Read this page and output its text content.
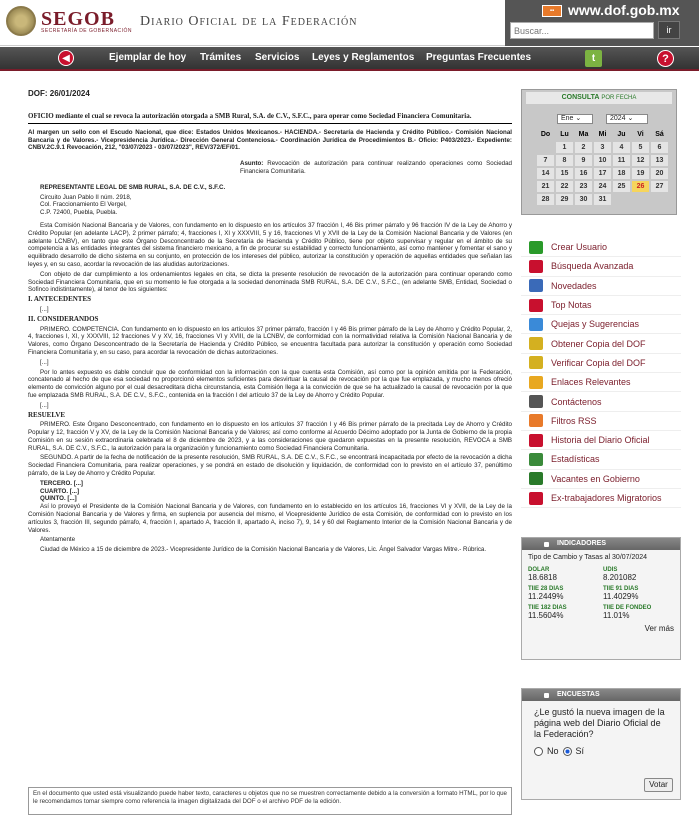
SEGOB
SECRETARÍA DE GOBERNACIÓN
Diario Oficial de la Federación
▪▪ www.dof.gob.mx
Buscar...
ir
◀	Ejemplar de hoy Trámites Servicios Leyes y Reglamentos Preguntas Frecuentes	t	?
DOF: 26/01/2024
OFICIO mediante el cual se revoca la autorización otorgada a SMB Rural, S.A. de C.V., S.F.C., para operar como Sociedad Financiera Comunitaria.

Al margen un sello con el Escudo Nacional, que dice: Estados Unidos Mexicanos.- HACIENDA.- Secretaría de Hacienda y Crédito Público.- Comisión Nacional Bancaria y de Valores.- Vicepresidencia Jurídica.- Dirección General Contenciosa.- Coordinación Jurídica de Procedimientos B.- Oficio: P403/2023.- Expediente: CNBV.2C.9.1 Revocación, 212, "03/07/2023 - 03/07/2023", REV/372/EF/01.

Asunto: Revocación de autorización para continuar realizando operaciones como Sociedad Financiera Comunitaria.

REPRESENTANTE LEGAL DE SMB RURAL, S.A. DE C.V., S.F.C.

Circuito Juan Pablo II núm. 2918,

Col. Fraccionamiento El Vergel,

C.P. 72400, Puebla, Puebla.

Esta Comisión Nacional Bancaria y de Valores, con fundamento en lo dispuesto en los artículos 37 fracción I, 46 Bis primer párrafo y 96 fracción IV de la Ley de Ahorro y Crédito Popular (en adelante LACP), 2 primer párrafo; 4, fracciones I, XI y XXXVIII, 5 y 16, fracciones VI y XVII de la Ley de la Comisión Nacional Bancaria y de Valores (en adelante LCNBV), en tanto que este Órgano Desconcentrado de la Secretaría de Hacienda y Crédito Público, tiene por objeto supervisar y regular en el ámbito de su competencia a las entidades integrantes del sistema financiero mexicano, a fin de procurar su estabilidad y correcto funcionamiento, así como mantener y fomentar el sano y equilibrado desarrollo de dicho sistema en su conjunto, en protección de los intereses del público, autorizar la constitución y operación de aquellas entidades que señalan las leyes y, en su caso, acordar la revocación de las aludidas autorizaciones.

Con objeto de dar cumplimiento a los ordenamientos legales en cita, se dicta la presente resolución de revocación de la autorización para continuar operando como Sociedad Financiera Comunitaria, que en su momento le fue otorgada a la sociedad denominada SMB RURAL, S.A. DE C.V., S.F.C., (en adelante SMB, Entidad, Sociedad o Sofinco indistintamente), al tenor de los siguientes:

I. ANTECEDENTES

[...]

II. CONSIDERANDOS

PRIMERO. COMPETENCIA. Con fundamento en lo dispuesto en los artículos 37 primer párrafo, fracción I y 46 Bis primer párrafo de la Ley de Ahorro y Crédito Popular, 2, 4, fracciones I, XI, y XXXVIII, 12 fracciones V y XV, 16, fracciones VI y XVIII, de la LCNBV, de conformidad con la normatividad relativa la Comisión Nacional Bancaria y de Valores, como Órgano Desconcentrado de la Secretaría de Hacienda y Crédito Público, se encuentra facultada para autorizar la constitución y operación como Sociedad Financiera Comunitaria y, en su caso, para acordar la revocación de dichas autorizaciones.

[...]

Por lo antes expuesto es dable concluir que de conformidad con la información con la que cuenta esta Comisión, así como por la opinión emitida por la Federación, concatenado al hecho de que esa sociedad no proporcionó elementos suficientes para desvirtuar la causal de revocación por la que fue emplazada, y mucho menos ofreció elemento de convicción alguno por el cual desacreditara dicha circunstancia, esta Comisión llega a la convicción de que se ha actualizado la causal de revocación por la que fue emplazada SMB RURAL, S.A. DE C.V., S.F.C., contenida en la fracción I del artículo 37 de la Ley de Ahorro y Crédito Popular.

[...]

RESUELVE

PRIMERO. Este Órgano Desconcentrado, con fundamento en lo dispuesto en los artículos 37 fracción I y 46 Bis primer párrafo de la precitada Ley de Ahorro y Crédito Popular y 12, fracción V y XV, de la Ley de la Comisión Nacional Bancaria y de Valores; así como conforme al Acuerdo Décimo adoptado por la Junta de Gobierno de la propia Comisión en su sesión extraordinaria celebrada el 8 de diciembre de 2023, y a las consideraciones que quedaron expuestas en la presente resolución, REVOCA a SMB RURAL, S.A. DE C.V., S.F.C., la autorización para la organización y funcionamiento como Sociedad Financiera Comunitaria.

SEGUNDO. A partir de la fecha de notificación de la presente resolución, SMB RURAL, S.A. DE C.V., S.F.C., se encontrará incapacitada por efecto de la revocación a dicha Sociedad Financiera Comunitaria, para realizar operaciones, y se pondrá en estado de disolución y liquidación, de conformidad con lo previsto en el artículo 37, penúltimo párrafo, de la Ley de Ahorro y Crédito Popular.

TERCERO. [...]

CUARTO. [...]

QUINTO. [...]

Así lo proveyó el Presidente de la Comisión Nacional Bancaria y de Valores, con fundamento en lo establecido en los artículos 16, fracciones VI y XVII, de la Ley de la Comisión Nacional Bancaria y de Valores y firma, en suplencia por ausencia del mismo, el Vicepresidente Jurídico de esta Comisión, de conformidad con lo previsto en los artículos 3, fracción III, segundo párrafo, 4, fracción I, apartado A, fracción II, apartado A, inciso 7), 9, 14 y 60 del Reglamento Interior de la Comisión Nacional Bancaria y de Valores.

Atentamente

Ciudad de México a 15 de diciembre de 2023.- Vicepresidente Jurídico de la Comisión Nacional Bancaria y de Valores, Lic. Ángel Salvador Vargas Mitre.- Rúbrica.

En el documento que usted está visualizando puede haber texto, caracteres u objetos que no se muestren correctamente debido a la conversión a formato HTML, por lo que le recomendamos tomar siempre como referencia la imagen digitalizada del DOF o el archivo PDF de la edición.
CONSULTA POR FECHA
Ene ⌄	2024 ⌄
Do	Lu	Ma	Mi	Ju	Vi	Sá
	1	2	3	4	5	6
7	8	9	10	11	12	13
14	15	16	17	18	19	20
21	22	23	24	25	26	27
28	29	30	31			
Crear Usuario
Búsqueda Avanzada
Novedades
Top Notas
Quejas y Sugerencias
Obtener Copia del DOF
Verificar Copia del DOF
Enlaces Relevantes
Contáctenos
Filtros RSS
Historia del Diario Oficial
Estadísticas
Vacantes en Gobierno
Ex-trabajadores Migratorios
INDICADORES
Tipo de Cambio y Tasas al 30/07/2024
DOLAR
18.6818
UDIS
8.201082
TIIE 28 DIAS
11.2449%
TIIE 91 DIAS
11.4029%
TIIE 182 DIAS
11.5604%
TIIE DE FONDEO
11.01%
Ver más
ENCUESTAS
¿Le gustó la nueva imagen de la página web del Diario Oficial de la Federación?
No Sí
Votar
